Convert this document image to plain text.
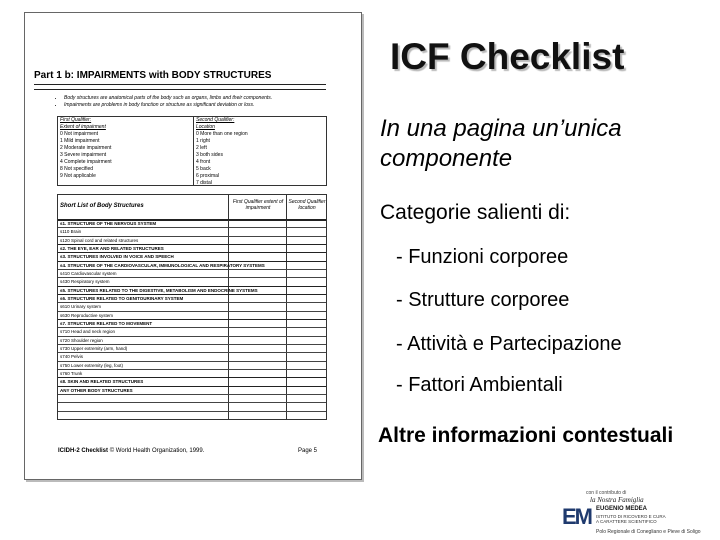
Part 1 b: IMPAIRMENTS with BODY STRUCTURES
• Body structures are anatomical parts of the body such as organs, limbs and their components.
• Impairments are problems in body function or structure as significant deviation or loss.
First Qualifier:
Extent of impairment
0 Not impairment
1 Mild impairment
2 Moderate impairment
3 Severe impairment
4 Complete impairment
8 Not specified
9 Not applicable
Second Qualifier:
Location
0 More than one region
1 right
2 left
3 both sides
4 front
5 back
6 proximal
7 distal
Short List of Body Structures
First Qualifier extent of impairment
Second Qualifier location
s1. STRUCTURE OF THE NERVOUS SYSTEM
s110 Brain
s120 Spinal cord and related structures
s2. THE EYE, EAR AND RELATED STRUCTURES
s3. STRUCTURES INVOLVED IN VOICE AND SPEECH
s4. STRUCTURE OF THE CARDIOVASCULAR, IMMUNOLOGICAL AND RESPIRATORY SYSTEMS
s410 Cardiovascular system
s430 Respiratory system
s5. STRUCTURES RELATED TO THE DIGESTIVE, METABOLISM AND ENDOCRINE SYSTEMS
s6. STRUCTURE RELATED TO GENITOURINARY SYSTEM
s610 Urinary system
s630 Reproductive system
s7. STRUCTURE RELATED TO MOVEMENT
s710 Head and neck region
s720 Shoulder region
s730 Upper extremity (arm, hand)
s740 Pelvis
s750 Lower extremity (leg, foot)
s760 Trunk
s8. SKIN AND RELATED STRUCTURES
ANY OTHER BODY STRUCTURES
ICIDH-2 Checklist © World Health Organization, 1999.	Page 5
ICF Checklist
In una pagina un’unica
componente
Categorie salienti di:
- Funzioni corporee
- Strutture corporee
- Attività e Partecipazione
- Fattori Ambientali
Altre informazioni contestuali
con il contributo di
la Nostra Famiglia
EM EUGENIO MEDEA
ISTITUTO DI RICOVERO E CURA
A CARATTERE SCIENTIFICO
Polo Regionale di Conegliano e Pieve di Soligo
